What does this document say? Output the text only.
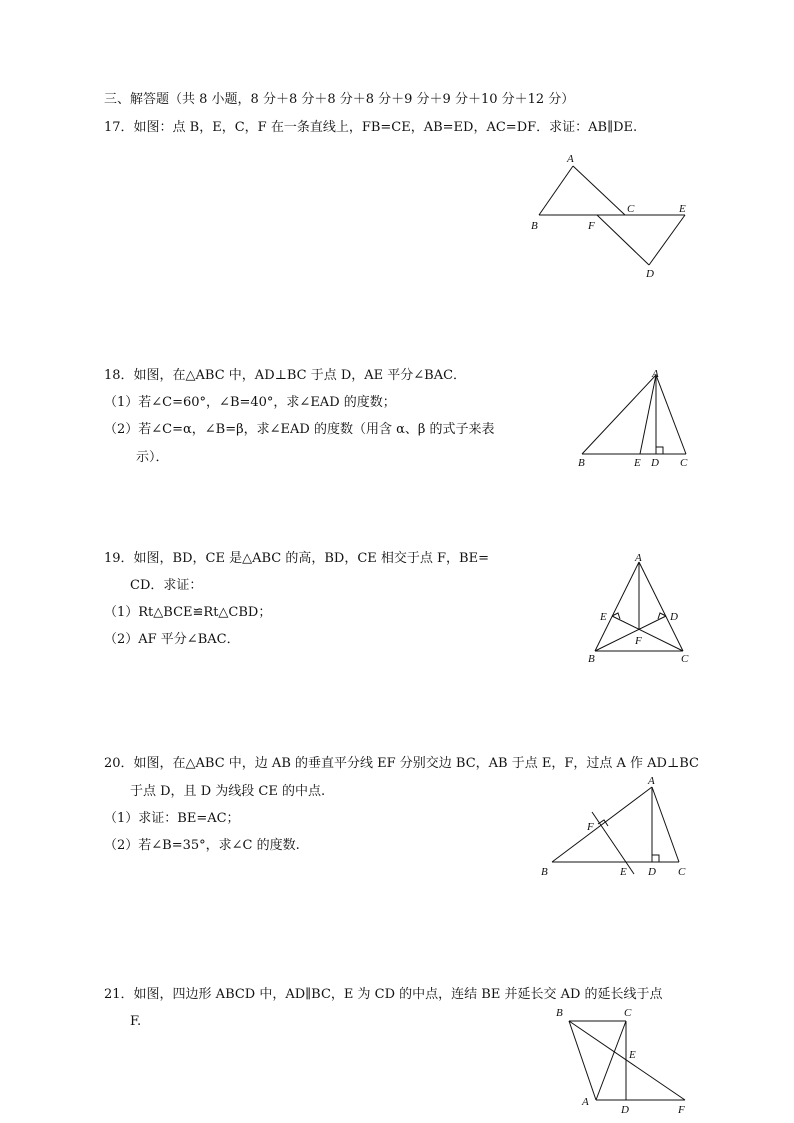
三、解答题（共 8 小题，8 分＋8 分＋8 分＋8 分＋9 分＋9 分＋10 分＋12 分）
17．如图：点 B，E，C，F 在一条直线上，FB=CE，AB=ED，AC=DF．求证：AB∥DE.
A
B	F
C	E
D
18．如图，在△ABC 中，AD⊥BC 于点 D，AE 平分∠BAC．
（1）若∠C=60°，∠B=40°，求∠EAD 的度数；
（2）若∠C=α，∠B=β，求∠EAD 的度数（用含 α、β 的式子来表
示）．
A
B	E D C
19．如图，BD，CE 是△ABC 的高，BD，CE 相交于点 F，BE=
CD．求证：
（1）Rt△BCE≌Rt△CBD；
（2）AF 平分∠BAC．
A
E	D
F
B	C
20．如图，在△ABC 中，边 AB 的垂直平分线 EF 分别交边 BC，AB 于点 E，F，过点 A 作 AD⊥BC
于点 D，且 D 为线段 CE 的中点.
（1）求证：BE=AC；
（2）若∠B=35°，求∠C 的度数.
A
F
B	E D C
21．如图，四边形 ABCD 中，AD∥BC，E 为 CD 的中点，连结 BE 并延长交 AD 的延长线于点
F.
B	C
E
A
D	F
